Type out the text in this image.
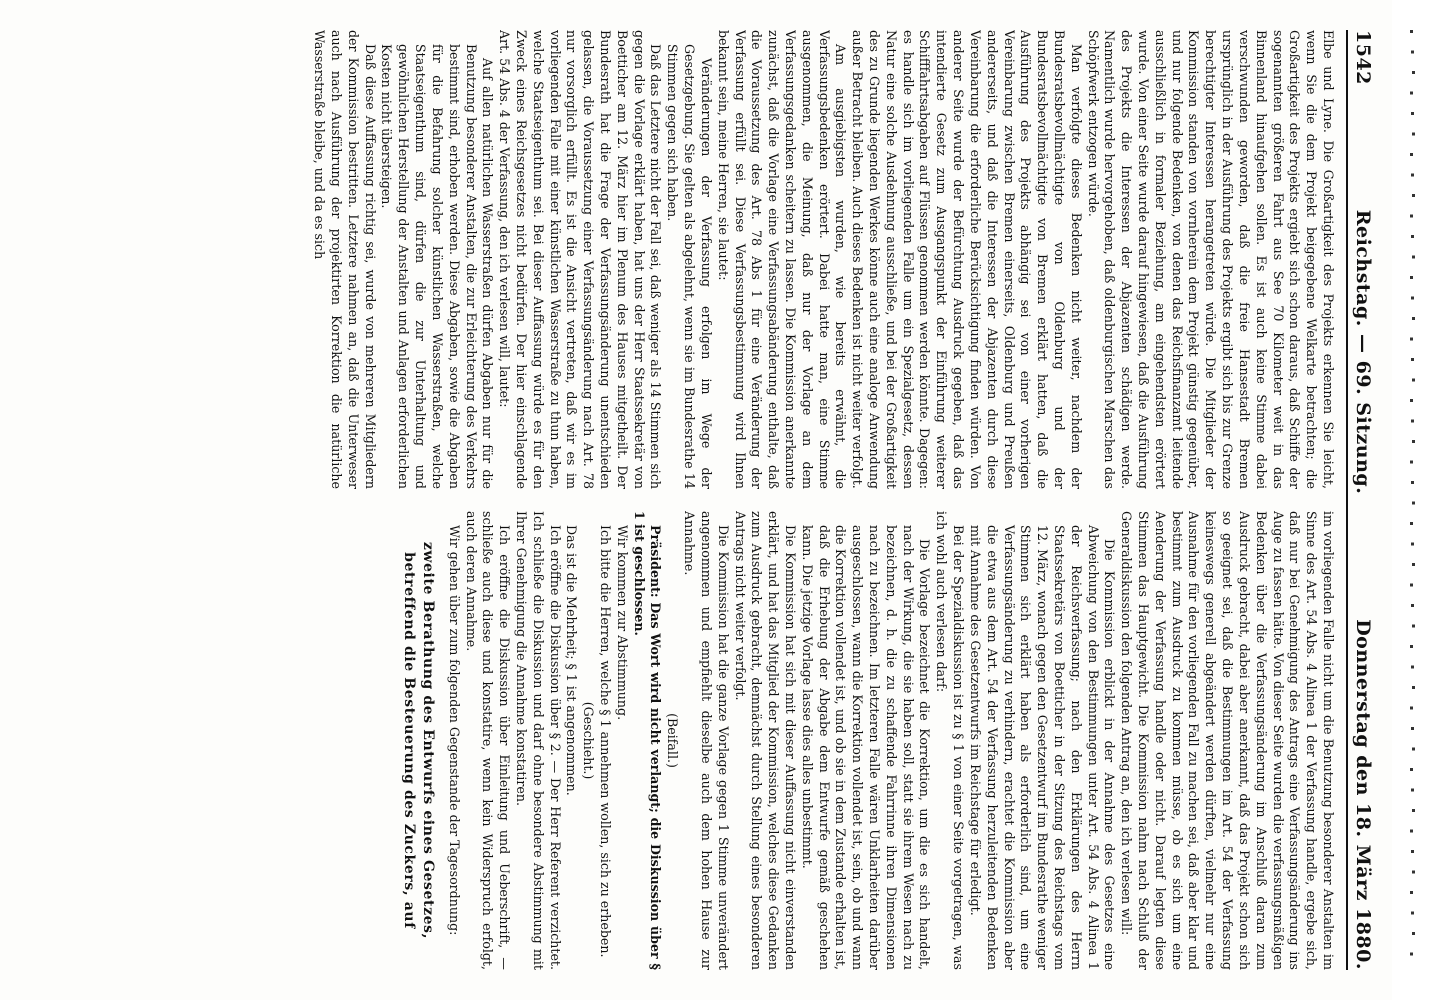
1542
Reichstag. — 69. Sitzung.
Donnerstag den 18. März 1880.

Elbe und Lyne. Die Großartigkeit des Projekts erkennen Sie leicht, wenn Sie die dem Projekt beigegebene Welkarte betrachten; die Großartigkeit des Projekts ergiebt sich schon daraus, daß Schiffe der sogenannten größeren Fahrt aus See 70 Kilometer weit in das Binnenland hinaufgehen sollen. Es ist auch keine Stimme dabei verschwunden geworden, daß die freie Hansestadt Bremen ursprünglich in der Ausführung des Projekts ergibt sich bis zur Grenze berechtigter Interessen herangetreten würde. Die Mitglieder der Kommission standen von vornherein dem Projekt günstig gegenüber, und nur folgende Bedenken, von denen das Reichsfinanzamt leitende ausschließlich in formaler Beziehung, am eingehendsten erörtert wurde. Von einer Seite wurde darauf hingewiesen, daß die Ausführung des Projekts die Interessen der Abjazenten schädigen werde. Namentlich wurde hervorgehoben, daß oldenburgischen Marschen das Schöpfwerk entzogen würde.

Man verfolgte dieses Bedenken nicht weiter, nachdem der Bundesratsbevollmächtigte von Oldenburg und der Bundesratsbevollmächtigte von Bremen erklärt hatten, daß die Ausführung des Projekts abhängig sei von einer vorherigen Vereinbarung zwischen Bremen einerseits, Oldenburg und Preußen andererseits, und daß die Interessen der Abjazenten durch diese Vereinbarung die erforderliche Berücksichtigung finden würden. Von anderer Seite wurde der Befürchtung Ausdruck gegeben, daß das intendierte Gesetz zum Ausgangspunkt der Einführung weiterer Schifffahrtsabgaben auf Flüssen genommen werden könnte. Dagegen: es handle sich im vorliegenden Falle um ein Spezialgesetz, dessen Natur eine solche Ausdehnung ausschließe, und bei der Großartigkeit des zu Grunde liegenden Werkes könne auch eine analoge Anwendung außer Betracht bleiben. Auch dieses Bedenken ist nicht weiter verfolgt.

Am ausgiebigsten wurden, wie bereits erwähnt, die Verfassungsbedenken erörtert. Dabei hatte man, eine Stimme ausgenommen, die Meinung, daß nur der Vorlage an dem Verfassungsgedanken scheitern zu lassen. Die Kommission anerkannte zunächst, daß die Vorlage eine Verfassungsabänderung enthalte, daß die Voraussetzung des Art. 78 Abs 1 für eine Veränderung der Verfassung erfüllt sei. Diese Verfassungsbestimmung wird Ihnen bekannt sein, meine Herren, sie lautet:

Veränderungen der Verfassung erfolgen im Wege der Gesetzgebung. Sie gelten als abgelehnt, wenn sie im Bundesrathe 14 Stimmen gegen sich haben.

Daß das Letztere nicht der Fall sei, daß weniger als 14 Stimmen sich gegen die Vorlage erklärt haben, hat uns der Herr Staatssekretär von Boetticher am 12. März hier im Plenum des Hauses mitgetheilt. Der Bundesrath hat die Frage der Verfassungsänderung unentschieden gelassen, die Voraussetzung einer Verfassungsänderung nach Art. 78 nur vorsorglich erfüllt. Es ist die Ansicht vertreten, daß wir es im vorliegenden Falle mit einer künstlichen Wasserstraße zu thun haben, welche Staatseigenthum sei. Bei dieser Auffassung würde es für den Zweck eines Reichsgesetzes nicht bedürfen. Der hier einschlagende Art. 54 Abs. 4 der Verfassung, den ich verlesen will, lautet:

Auf allen natürlichen Wasserstraßen dürfen Abgaben nur für die Benutzung besonderer Anstalten, die zur Erleichterung des Verkehrs bestimmt sind, erhoben werden. Diese Abgaben, sowie die Abgaben für die Befahrung solcher künstlichen Wasserstraßen, welche Staatseigenthum sind, dürfen die zur Unterhaltung und gewöhnlichen Herstellung der Anstalten und Anlagen erforderlichen Kosten nicht übersteigen.

Daß diese Auffassung richtig sei, wurde von mehreren Mitgliedern der Kommission bestritten. Letztere nahmen an, daß die Unterweser auch nach Ausführung der projektirten Korrektion die natürliche Wasserstraße bleibe, und da es sich

im vorliegenden Falle nicht um die Benutzung besonderer Anstalten im Sinne des Art. 54 Abs. 4 Alinea 1 der Verfassung handle, ergebe sich, daß nur bei Genehmigung des Antrags eine Verfassungsänderung ins Auge zu fassen hätte. Von dieser Seite wurden die verfassungsmäßigen Bedenken über die Verfassungsänderung im Anschluß daran zum Ausdruck gebracht, dabei aber anerkannt, daß das Projekt schon sich so geeignet sei, daß die Bestimmungen im Art. 54 der Verfassung keineswegs generell abgeändert werden dürften, vielmehr nur eine Ausnahme für den vorliegenden Fall zu machen sei, daß aber klar und bestimmt zum Ausdruck zu kommen müsse, ob es sich um eine Aenderung der Verfassung handle oder nicht. Darauf legten diese Stimmen das Hauptgewicht. Die Kommission nahm nach Schluß der Generaldiskussion den folgenden Antrag an, den ich verlesen will:

Die Kommission erblickt in der Annahme des Gesetzes eine Abweichung von den Bestimmungen unter Art. 54 Abs. 4 Alinea 1 der Reichsverfassung; nach den Erklärungen des Herrn Staatssekretärs von Boetticher in der Sitzung des Reichstags vom 12. März, wonach gegen den Gesetzentwurf im Bundesrathe weniger Stimmen sich erklärt haben als erforderlich sind, um eine Verfassungsänderung zu verhindern, erachtet die Kommission aber die etwa aus dem Art. 54 der Verfassung herzuleitenden Bedenken mit Annahme des Gesetzentwurfs im Reichstage für erledigt.

Bei der Spezialdiskussion ist zu § 1 von einer Seite vorgetragen, was ich wohl auch verlesen darf:

Die Vorlage bezeichnet die Korrektion, um die es sich handelt, nach der Wirkung, die sie haben soll, statt sie ihrem Wesen nach zu bezeichnen, d. h. die zu schaffende Fahrrinne ihren Dimensionen nach zu bezeichnen. Im letzteren Falle wären Unklarheiten darüber ausgeschlossen, wann die Korrektion vollendet ist, sein, ob und wann die Korrektion vollendet ist, und ob sie in dem Zustande erhalten ist, daß die Erhebung der Abgabe dem Entwurfe gemäß geschehen kann. Die jetzige Vorlage lasse dies alles unbestimmt.

Die Kommission hat sich mit dieser Auffassung nicht einverstanden erklärt, und hat das Mitglied der Kommission, welches diese Gedanken zum Ausdruck gebracht, demnächst durch Stellung eines besonderen Antrags nicht weiter verfolgt.

Die Kommission hat die ganze Vorlage gegen 1 Stimme unverändert angenommen und empfiehlt dieselbe auch dem hohen Hause zur Annahme.

(Beifall.)

Präsident: Das Wort wird nicht verlangt; die Diskussion über § 1 ist geschlossen.

Wir kommen zur Abstimmung.

Ich bitte die Herren, welche § 1 annehmen wollen, sich zu erheben.

(Geschieht.)

Das ist die Mehrheit; § 1 ist angenommen.

Ich eröffne die Diskussion über § 2. — Der Herr Referent verzichtet. Ich schließe die Diskussion und darf ohne besondere Abstimmung mit Ihrer Genehmigung die Annahme konstatiren.

Ich eröffne die Diskussion über Einleitung und Ueberschrift, — schließe auch diese und konstatire, wenn kein Widerspruch erfolgt, auch deren Annahme.

Wir gehen über zum folgenden Gegenstande der Tagesordnung:

zweite Berathung des Entwurfs eines Gesetzes, betreffend die Besteuerung des Zuckers, auf
